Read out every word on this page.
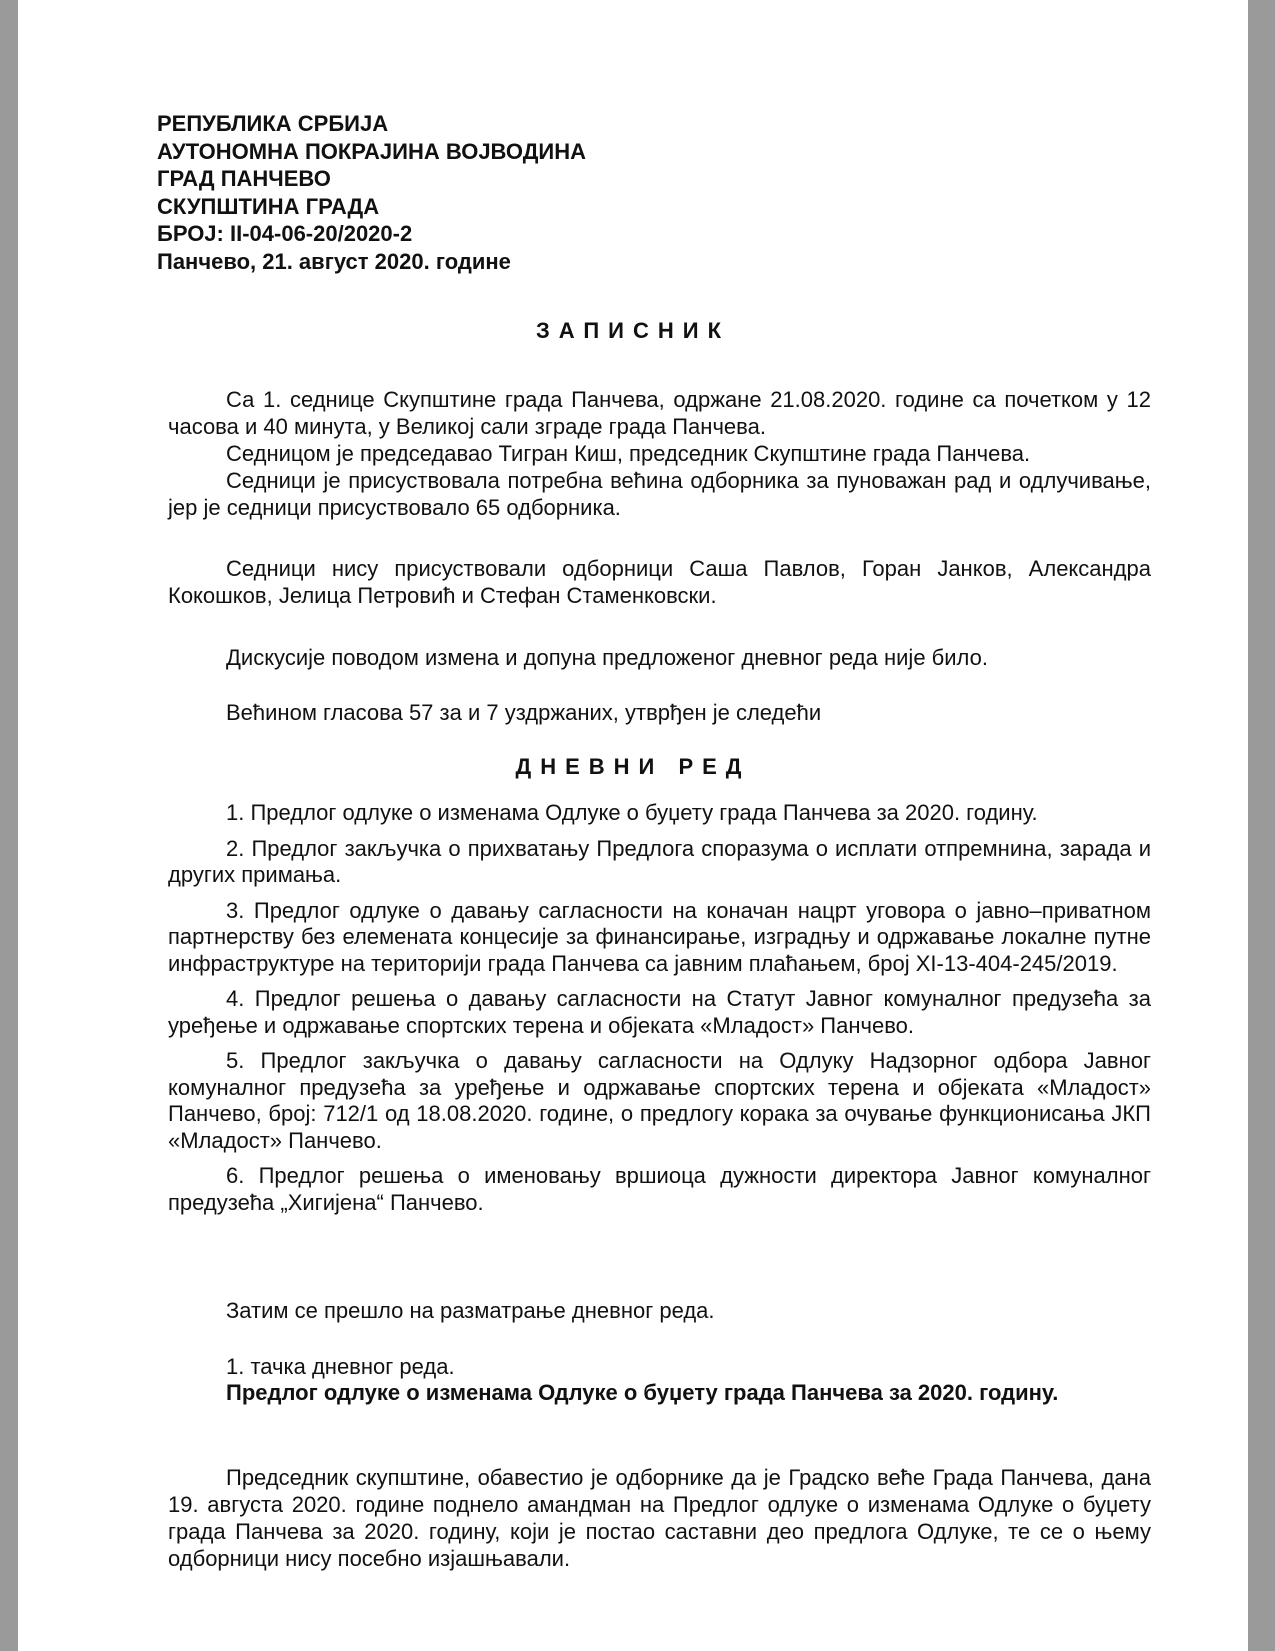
РЕПУБЛИКА СРБИЈА
АУТОНОМНА ПОКРАЈИНА ВОЈВОДИНА
ГРАД ПАНЧЕВО
СКУПШТИНА ГРАДА
БРОЈ: II-04-06-20/2020-2
Панчево, 21. август 2020. године
ЗАПИСНИК
Са 1. седнице Скупштине града Панчева, одржане 21.08.2020. године са почетком у 12 часова и 40 минута, у Великој сали зграде града Панчева.
Седницом је председавао Тигран Киш, председник Скупштине града Панчева.
Седници је присуствовала потребна већина одборника за пуноважан рад и одлучивање, јер је седници присуствовало 65 одборника.
Седници нису присуствовали одборници Саша Павлов, Горан Јанков, Александра Кокошков, Јелица Петровић и Стефан Стаменковски.
Дискусије поводом измена и допуна предложеног дневног реда није било.
Већином гласова 57 за и 7 уздржаних, утврђен је следећи
ДНЕВНИ РЕД
1. Предлог одлуке о изменама Одлуке о буџету града Панчева за 2020. годину.
2. Предлог закључка о прихватању Предлога споразума о исплати отпремнина, зарада и других примања.
3. Предлог одлуке о давању сагласности на коначан нацрт уговора о јавно–приватном партнерству без елемената концесије за финансирање, изградњу и одржавање локалне путне инфраструктуре на територији града Панчева са јавним плаћањем, број XI-13-404-245/2019.
4. Предлог решења о давању сагласности на Статут Јавног комуналног предузећа за уређење и одржавање спортских терена и објеката «Младост» Панчево.
5. Предлог закључка о давању сагласности на Одлуку Надзорног одбора Јавног комуналног предузећа за уређење и одржавање спортских терена и објеката «Младост» Панчево, број: 712/1 од 18.08.2020. године, о предлогу корака за очување функционисања ЈКП «Младост» Панчево.
6. Предлог решења о именовању вршиоца дужности директора Јавног комуналног предузећа „Хигијена“ Панчево.
Затим се прешло на разматрање дневног реда.
1. тачка дневног реда.
Предлог одлуке о изменама Одлуке о буџету града Панчева за 2020. годину.
Председник скупштине, обавестио је одборнике да је Градско веће Града Панчева, дана 19. августа 2020. године поднело амандман на Предлог одлуке о изменама Одлуке о буџету града Панчева за 2020. годину, који је постао саставни део предлога Одлуке, те се о њему одборници нису посебно изјашњавали.
